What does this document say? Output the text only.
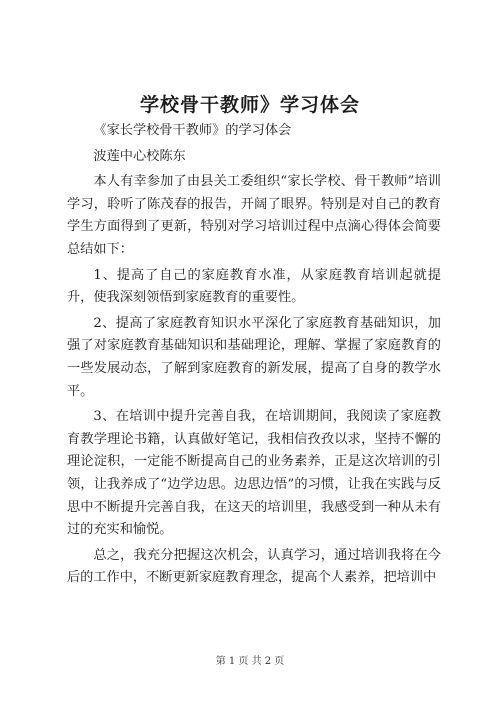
学校骨干教师》学习体会

《家长学校骨干教师》的学习体会

波莲中心校陈东

本人有幸参加了由县关工委组织“家长学校、骨干教师”培训学习，聆听了陈茂春的报告，开阔了眼界。特别是对自己的教育学生方面得到了更新，特别对学习培训过程中点滴心得体会简要总结如下：

1、提高了自己的家庭教育水准，从家庭教育培训起就提升，使我深刻领悟到家庭教育的重要性。

2、提高了家庭教育知识水平深化了家庭教育基础知识，加强了对家庭教育基础知识和基础理论，理解、掌握了家庭教育的一些发展动态，了解到家庭教育的新发展，提高了自身的教学水平。

3、在培训中提升完善自我，在培训期间，我阅读了家庭教育教学理论书籍，认真做好笔记，我相信孜孜以求，坚持不懈的理论淀积，一定能不断提高自己的业务素养，正是这次培训的引领，让我养成了“边学边思。边思边悟”的习惯，让我在实践与反思中不断提升完善自我，在这天的培训里，我感受到一种从未有过的充实和愉悦。

总之，我充分把握这次机会，认真学习，通过培训我将在今后的工作中，不断更新家庭教育理念，提高个人素养，把培训中

第 1 页 共 2 页
